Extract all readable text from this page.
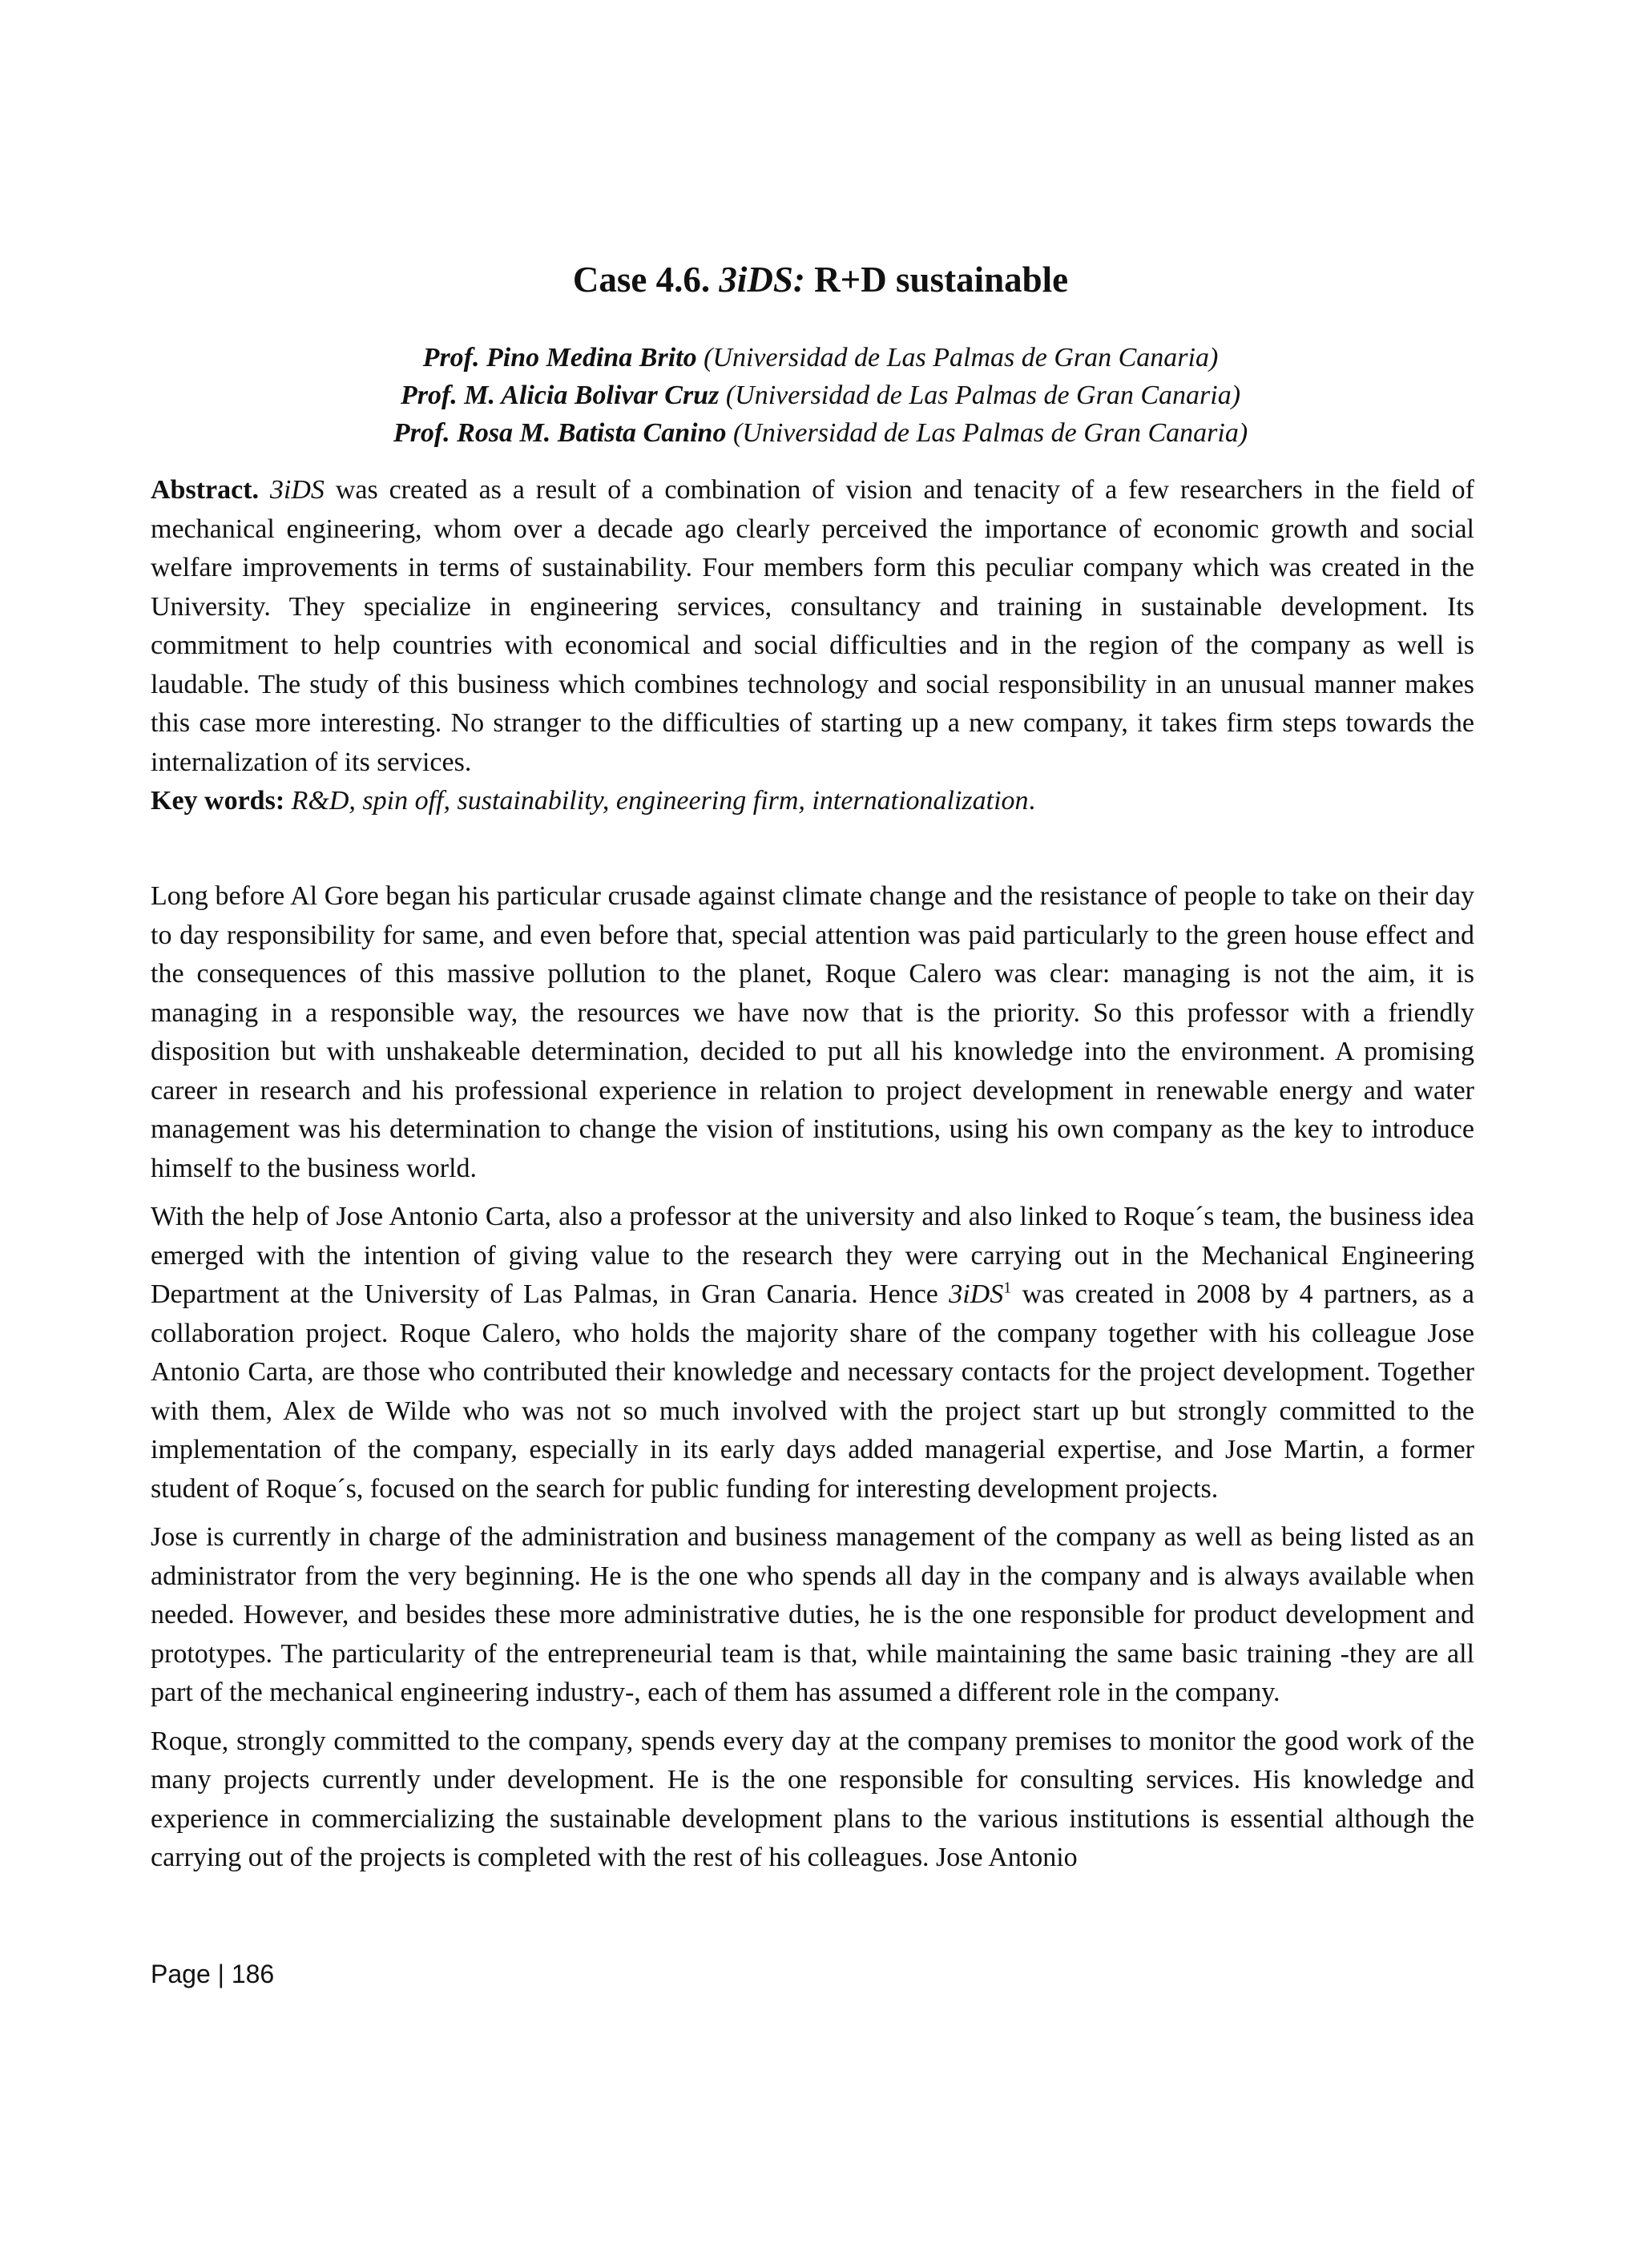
Case 4.6. 3iDS: R+D sustainable
Prof. Pino Medina Brito (Universidad de Las Palmas de Gran Canaria)
Prof. M. Alicia Bolivar Cruz (Universidad de Las Palmas de Gran Canaria)
Prof. Rosa M. Batista Canino (Universidad de Las Palmas de Gran Canaria)

Abstract. 3iDS was created as a result of a combination of vision and tenacity of a few researchers in the field of mechanical engineering, whom over a decade ago clearly perceived the importance of economic growth and social welfare improvements in terms of sustainability. Four members form this peculiar company which was created in the University. They specialize in engineering services, consultancy and training in sustainable development. Its commitment to help countries with economical and social difficulties and in the region of the company as well is laudable. The study of this business which combines technology and social responsibility in an unusual manner makes this case more interesting. No stranger to the difficulties of starting up a new company, it takes firm steps towards the internalization of its services.

Key words: R&D, spin off, sustainability, engineering firm, internationalization.

Long before Al Gore began his particular crusade against climate change and the resistance of people to take on their day to day responsibility for same, and even before that, special attention was paid particularly to the green house effect and the consequences of this massive pollution to the planet, Roque Calero was clear: managing is not the aim, it is managing in a responsible way, the resources we have now that is the priority. So this professor with a friendly disposition but with unshakeable determination, decided to put all his knowledge into the environment. A promising career in research and his professional experience in relation to project development in renewable energy and water management was his determination to change the vision of institutions, using his own company as the key to introduce himself to the business world.

With the help of Jose Antonio Carta, also a professor at the university and also linked to Roque´s team, the business idea emerged with the intention of giving value to the research they were carrying out in the Mechanical Engineering Department at the University of Las Palmas, in Gran Canaria. Hence 3iDS$^1$ was created in 2008 by 4 partners, as a collaboration project. Roque Calero, who holds the majority share of the company together with his colleague Jose Antonio Carta, are those who contributed their knowledge and necessary contacts for the project development. Together with them, Alex de Wilde who was not so much involved with the project start up but strongly committed to the implementation of the company, especially in its early days added managerial expertise, and Jose Martin, a former student of Roque´s, focused on the search for public funding for interesting development projects.

Jose is currently in charge of the administration and business management of the company as well as being listed as an administrator from the very beginning. He is the one who spends all day in the company and is always available when needed. However, and besides these more administrative duties, he is the one responsible for product development and prototypes. The particularity of the entrepreneurial team is that, while maintaining the same basic training -they are all part of the mechanical engineering industry-, each of them has assumed a different role in the company.

Roque, strongly committed to the company, spends every day at the company premises to monitor the good work of the many projects currently under development. He is the one responsible for consulting services. His knowledge and experience in commercializing the sustainable development plans to the various institutions is essential although the carrying out of the projects is completed with the rest of his colleagues. Jose Antonio

Page | 186
